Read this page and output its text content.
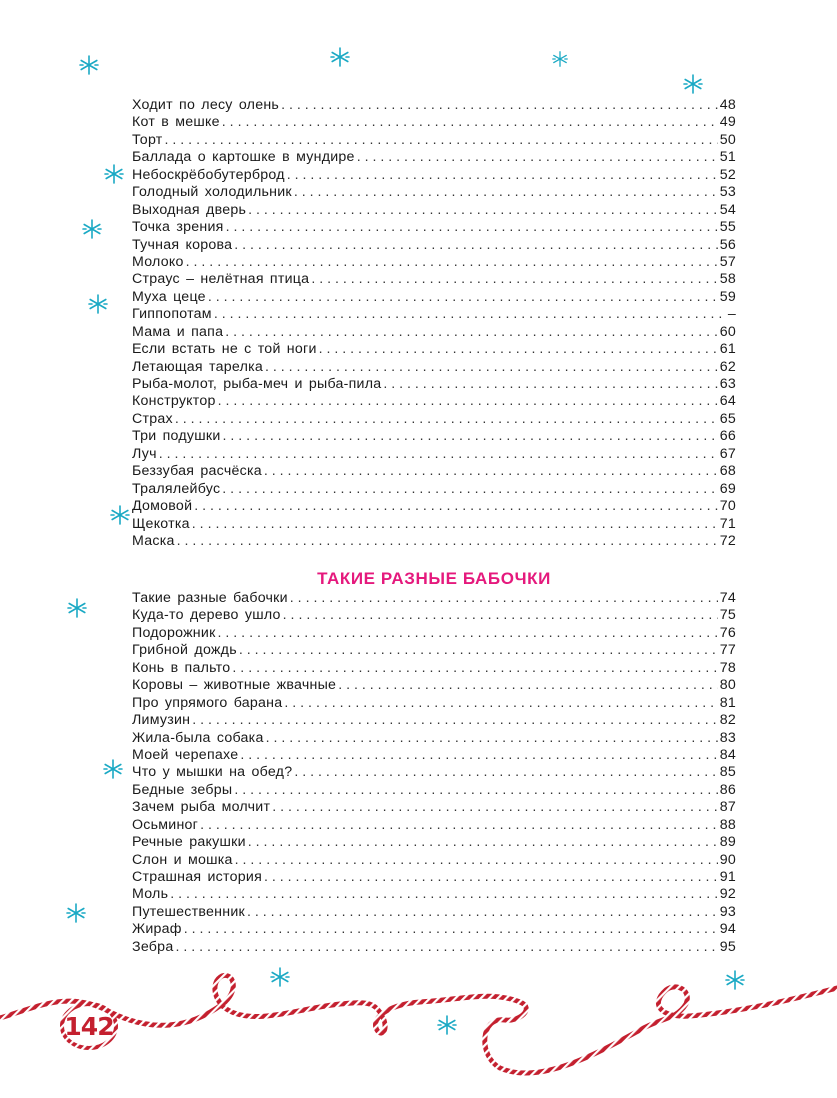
Ходит по лесу олень . . .	48
Кот в мешке . . .	49
Торт . . .	50
Баллада о картошке в мундире . . .	51
Небоскрёбобутерброд . . .	52
Голодный холодильник . . .	53
Выходная дверь . . .	54
Точка зрения . . .	55
Тучная корова . . .	56
Молоко . . .	57
Страус – нелётная птица . . .	58
Муха цеце . . .	59
Гиппопотам . . .	–
Мама и папа . . .	60
Если встать не с той ноги . . .	61
Летающая тарелка . . .	62
Рыба-молот, рыба-меч и рыба-пила . . .	63
Конструктор . . .	64
Страх . . .	65
Три подушки . . .	66
Луч . . .	67
Беззубая расчёска . . .	68
Тралялейбус . . .	69
Домовой . . .	70
Щекотка . . .	71
Маска . . .	72
ТАКИЕ РАЗНЫЕ БАБОЧКИ
Такие разные бабочки . . .	74
Куда-то дерево ушло . . .	75
Подорожник . . .	76
Грибной дождь . . .	77
Конь в пальто . . .	78
Коровы – животные жвачные . . .	80
Про упрямого барана . . .	81
Лимузин . . .	82
Жила-была собака . . .	83
Моей черепахе . . .	84
Что у мышки на обед? . . .	85
Бедные зебры . . .	86
Зачем рыба молчит . . .	87
Осьминог . . .	88
Речные ракушки . . .	89
Слон и мошка . . .	90
Страшная история . . .	91
Моль . . .	92
Путешественник . . .	93
Жираф . . .	94
Зебра . . .	95
142
